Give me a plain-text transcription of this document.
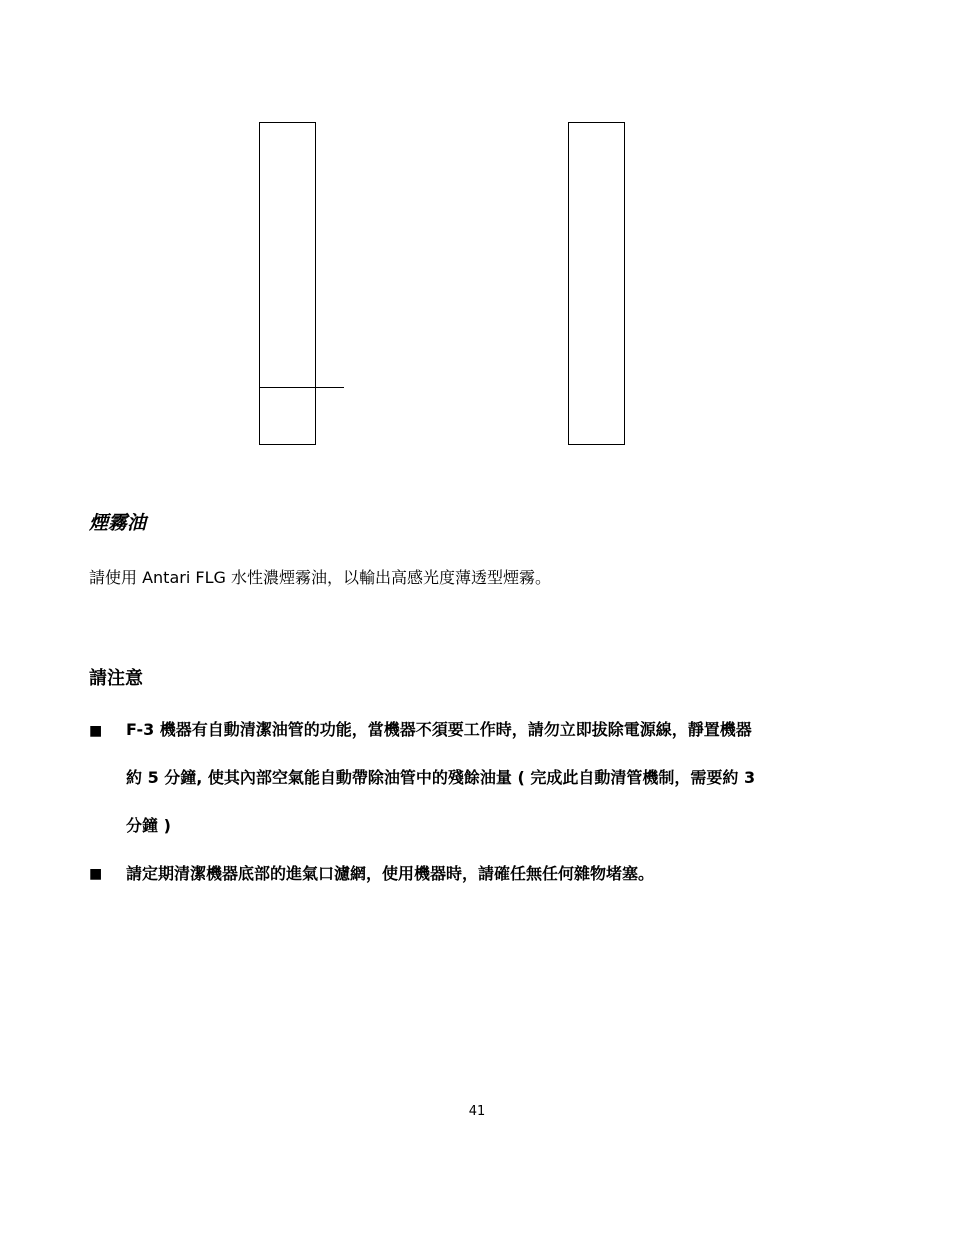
煙霧油

請使用 Antari FLG 水性濃煙霧油，以輸出高感光度薄透型煙霧。

請注意
■ F-3 機器有自動清潔油管的功能，當機器不須要工作時，請勿立即拔除電源線，靜置機器
約 5 分鐘, 使其內部空氣能自動帶除油管中的殘餘油量 ( 完成此自動清管機制，需要約 3
分鐘 )

■ 請定期清潔機器底部的進氣口濾網，使用機器時，請確任無任何雜物堵塞。

41
